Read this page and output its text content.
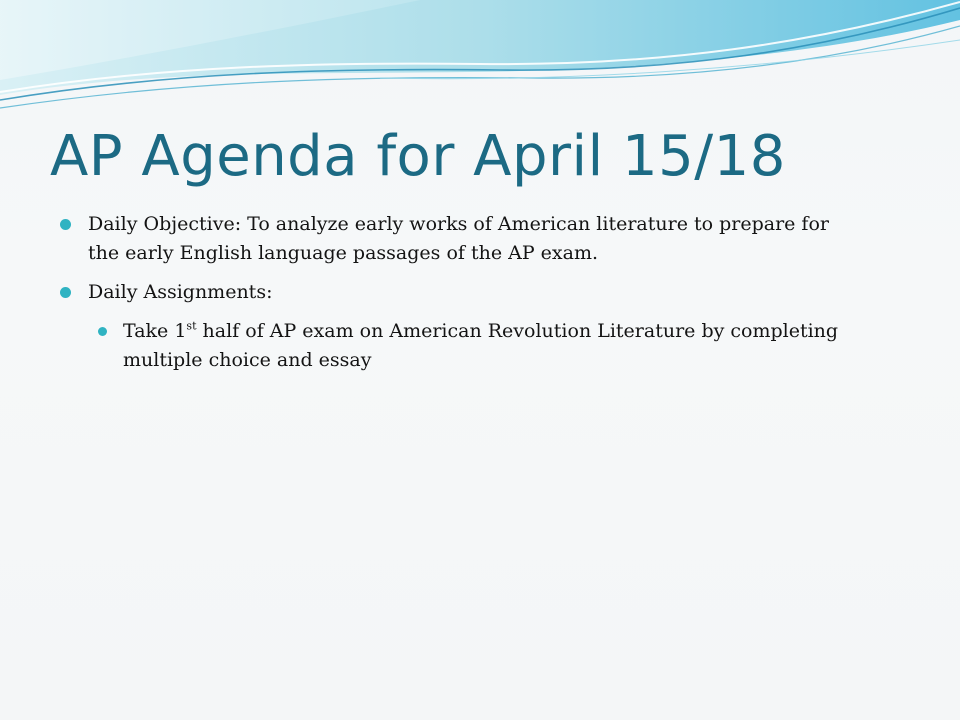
AP Agenda for April 15/18
Daily Objective: To analyze early works of American literature to prepare for the early English language passages of the AP exam.
Daily Assignments:
Take 1st half of AP exam on American Revolution Literature by completing multiple choice and essay
